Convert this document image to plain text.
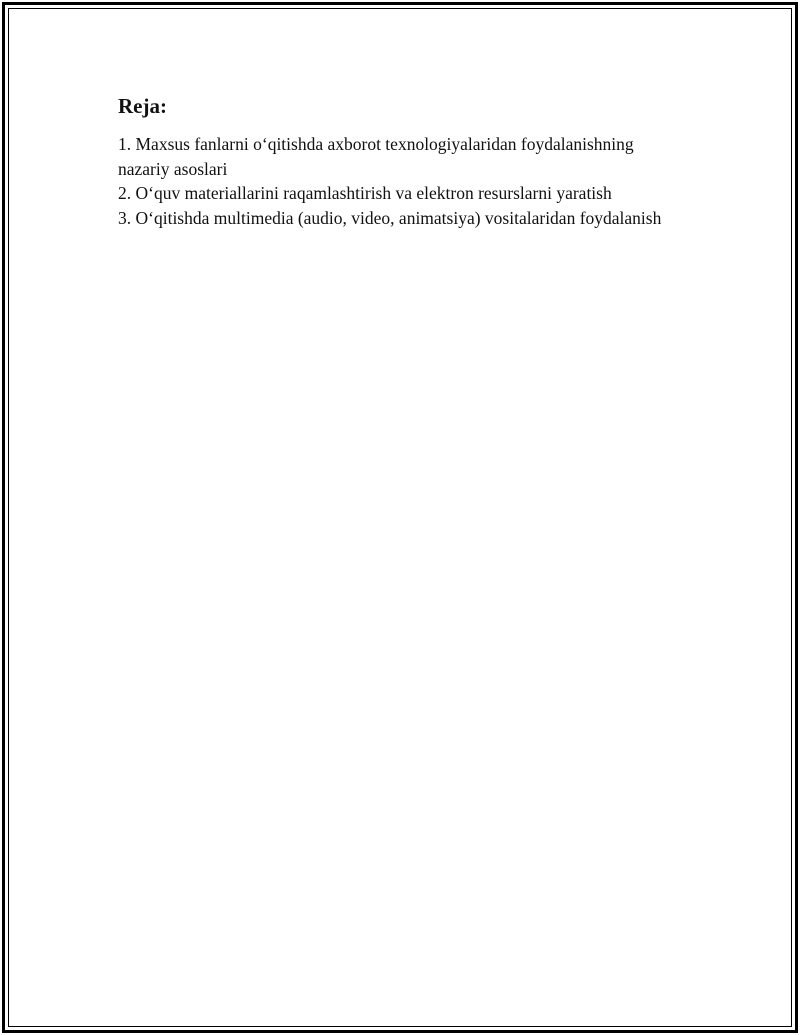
Reja:
1. Maxsus fanlarni o‘qitishda axborot texnologiyalaridan foydalanishning nazariy asoslari
2. O‘quv materiallarini raqamlashtirish va elektron resurslarni yaratish
3. O‘qitishda multimedia (audio, video, animatsiya) vositalaridan foydalanish
